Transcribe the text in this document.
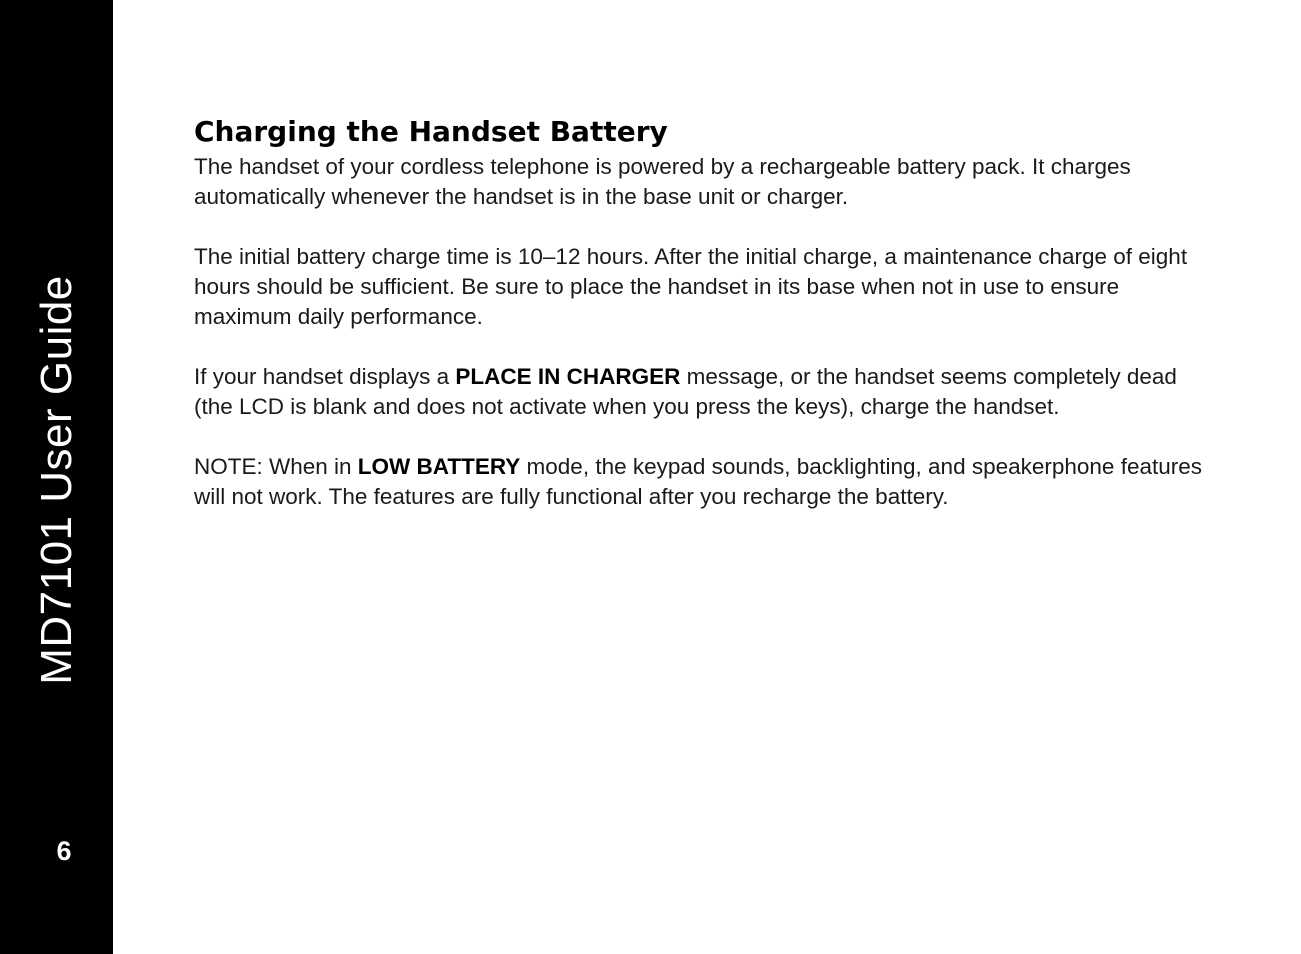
MD7101 User Guide
6
Charging the Handset Battery

The handset of your cordless telephone is powered by a rechargeable battery pack. It charges automatically whenever the handset is in the base unit or charger.

The initial battery charge time is 10–12 hours. After the initial charge, a maintenance charge of eight hours should be sufficient. Be sure to place the handset in its base when not in use to ensure maximum daily performance.

If your handset displays a PLACE IN CHARGER message, or the handset seems completely dead (the LCD is blank and does not activate when you press the keys), charge the handset.

NOTE: When in LOW BATTERY mode, the keypad sounds, backlighting, and speakerphone features will not work. The features are fully functional after you recharge the battery.
